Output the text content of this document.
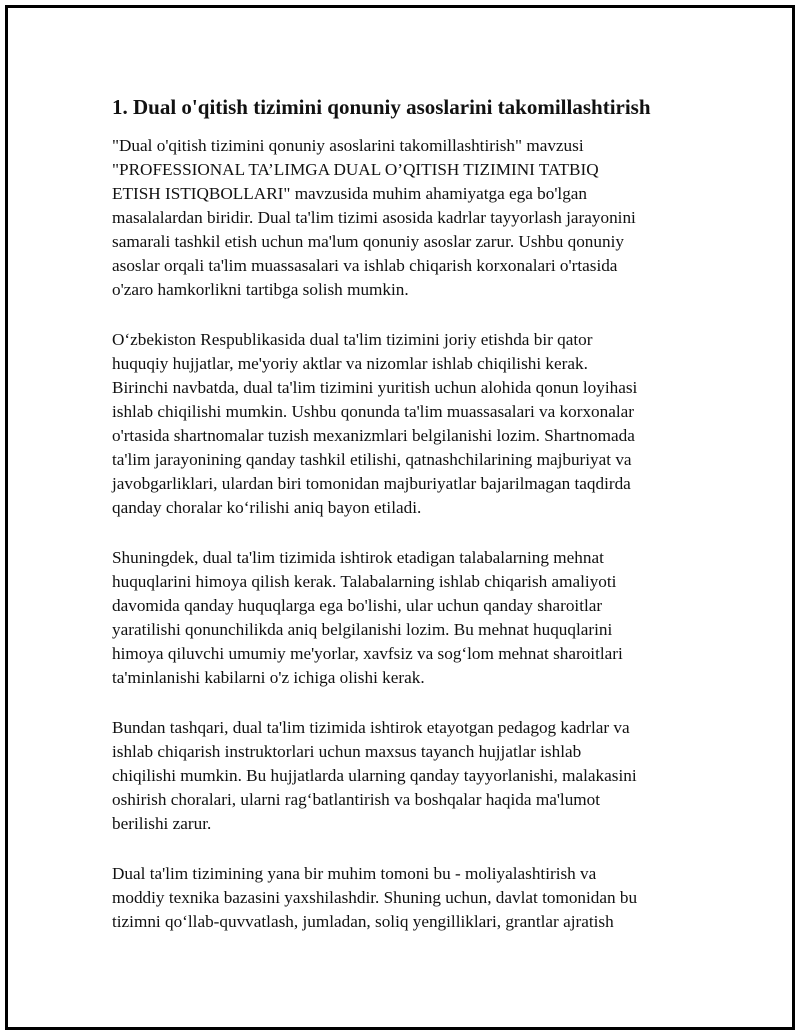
1. Dual o'qitish tizimini qonuniy asoslarini takomillashtirish

"Dual o'qitish tizimini qonuniy asoslarini takomillashtirish" mavzusi
"PROFESSIONAL TA’LIMGA DUAL O’QITISH TIZIMINI TATBIQ
ETISH ISTIQBOLLARI" mavzusida muhim ahamiyatga ega bo'lgan
masalalardan biridir. Dual ta'lim tizimi asosida kadrlar tayyorlash jarayonini
samarali tashkil etish uchun ma'lum qonuniy asoslar zarur. Ushbu qonuniy
asoslar orqali ta'lim muassasalari va ishlab chiqarish korxonalari o'rtasida
o'zaro hamkorlikni tartibga solish mumkin.

O‘zbekiston Respublikasida dual ta'lim tizimini joriy etishda bir qator
huquqiy hujjatlar, me'yoriy aktlar va nizomlar ishlab chiqilishi kerak.
Birinchi navbatda, dual ta'lim tizimini yuritish uchun alohida qonun loyihasi
ishlab chiqilishi mumkin. Ushbu qonunda ta'lim muassasalari va korxonalar
o'rtasida shartnomalar tuzish mexanizmlari belgilanishi lozim. Shartnomada
ta'lim jarayonining qanday tashkil etilishi, qatnashchilarining majburiyat va
javobgarliklari, ulardan biri tomonidan majburiyatlar bajarilmagan taqdirda
qanday choralar ko‘rilishi aniq bayon etiladi.

Shuningdek, dual ta'lim tizimida ishtirok etadigan talabalarning mehnat
huquqlarini himoya qilish kerak. Talabalarning ishlab chiqarish amaliyoti
davomida qanday huquqlarga ega bo'lishi, ular uchun qanday sharoitlar
yaratilishi qonunchilikda aniq belgilanishi lozim. Bu mehnat huquqlarini
himoya qiluvchi umumiy me'yorlar, xavfsiz va sog‘lom mehnat sharoitlari
ta'minlanishi kabilarni o'z ichiga olishi kerak.

Bundan tashqari, dual ta'lim tizimida ishtirok etayotgan pedagog kadrlar va
ishlab chiqarish instruktorlari uchun maxsus tayanch hujjatlar ishlab
chiqilishi mumkin. Bu hujjatlarda ularning qanday tayyorlanishi, malakasini
oshirish choralari, ularni rag‘batlantirish va boshqalar haqida ma'lumot
berilishi zarur.

Dual ta'lim tizimining yana bir muhim tomoni bu - moliyalashtirish va
moddiy texnika bazasini yaxshilashdir. Shuning uchun, davlat tomonidan bu
tizimni qo‘llab-quvvatlash, jumladan, soliq yengilliklari, grantlar ajratish
